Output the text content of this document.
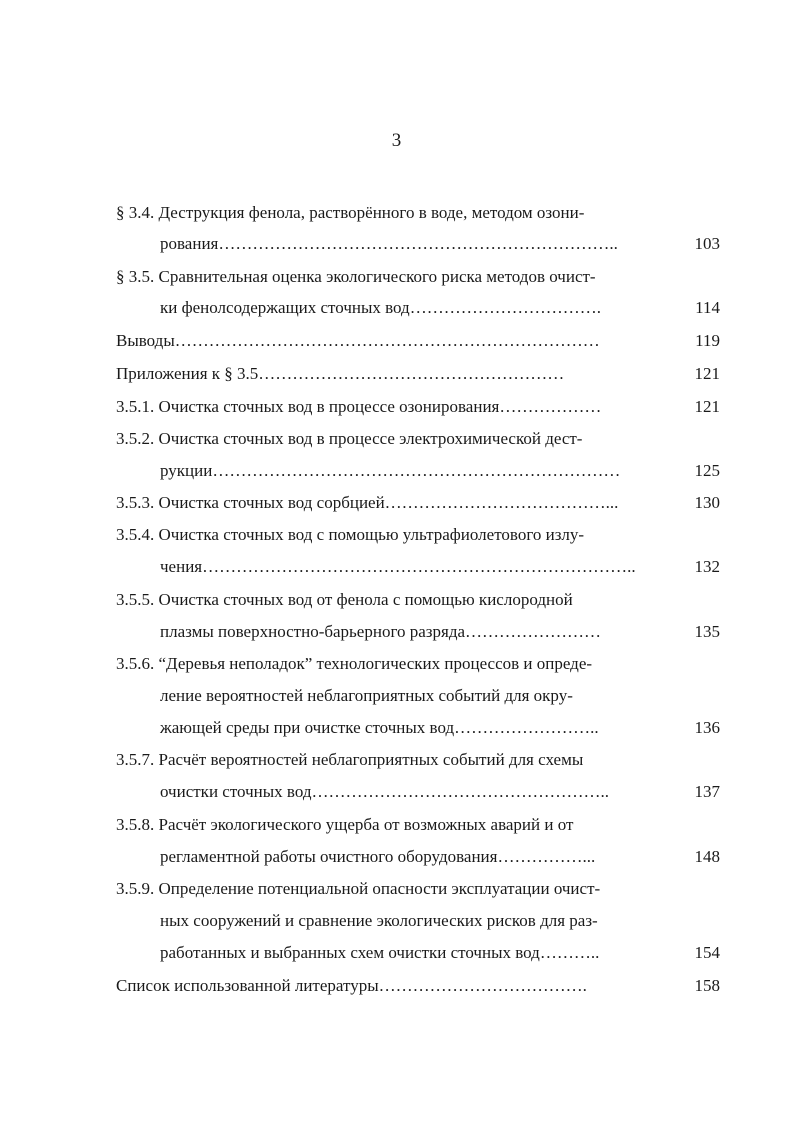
3
§ 3.4. Деструкция фенола, растворённого в воде, методом озони-
рования……………………………………………………………..	103
§ 3.5. Сравнительная оценка экологического риска методов очист-
ки фенолсодержащих сточных вод…………………………….	114
Выводы…………………………………………………………………	119
Приложения к § 3.5………………………………………………	121
3.5.1. Очистка сточных вод в процессе озонирования………………	121
3.5.2. Очистка сточных вод в процессе электрохимической дест-
рукции………………………………………………………………	125
3.5.3. Очистка сточных вод сорбцией…………………………………...	130
3.5.4. Очистка сточных вод с помощью ультрафиолетового излу-
чения…………………………………………………………………..	132
3.5.5. Очистка сточных вод от фенола с помощью кислородной
плазмы поверхностно-барьерного разряда……………………	135
3.5.6. “Деревья неполадок” технологических процессов и опреде-
ление вероятностей неблагоприятных событий для окру-
жающей среды при очистке сточных вод……………………..	136
3.5.7. Расчёт вероятностей неблагоприятных событий для схемы
очистки сточных вод……………………………………………..	137
3.5.8. Расчёт экологического ущерба от возможных аварий и от
регламентной работы очистного оборудования……………...	148
3.5.9. Определение потенциальной опасности эксплуатации очист-
ных сооружений и сравнение экологических рисков для раз-
работанных и выбранных схем очистки сточных вод………..	154
Список использованной литературы……………………………….	158
